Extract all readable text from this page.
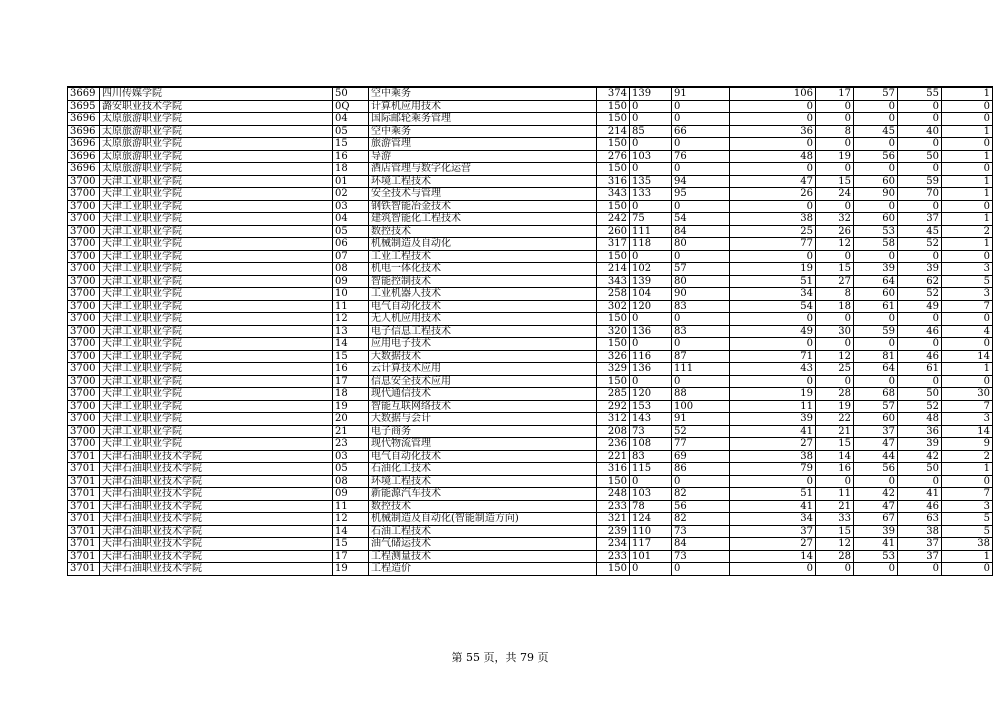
3669	四川传媒学院	50	空中乘务	374	139	91	106	17	57	55	1
3695	潞安职业技术学院	0Q	计算机应用技术	150	0	0	0	0	0	0	0
3696	太原旅游职业学院	04	国际邮轮乘务管理	150	0	0	0	0	0	0	0
3696	太原旅游职业学院	05	空中乘务	214	85	66	36	8	45	40	1
3696	太原旅游职业学院	15	旅游管理	150	0	0	0	0	0	0	0
3696	太原旅游职业学院	16	导游	276	103	76	48	19	56	50	1
3696	太原旅游职业学院	18	酒店管理与数字化运营	150	0	0	0	0	0	0	0
3700	天津工业职业学院	01	环境工程技术	316	135	94	47	15	60	59	1
3700	天津工业职业学院	02	安全技术与管理	343	133	95	26	24	90	70	1
3700	天津工业职业学院	03	钢铁智能冶金技术	150	0	0	0	0	0	0	0
3700	天津工业职业学院	04	建筑智能化工程技术	242	75	54	38	32	60	37	1
3700	天津工业职业学院	05	数控技术	260	111	84	25	26	53	45	2
3700	天津工业职业学院	06	机械制造及自动化	317	118	80	77	12	58	52	1
3700	天津工业职业学院	07	工业工程技术	150	0	0	0	0	0	0	0
3700	天津工业职业学院	08	机电一体化技术	214	102	57	19	15	39	39	3
3700	天津工业职业学院	09	智能控制技术	343	139	80	51	27	64	62	5
3700	天津工业职业学院	10	工业机器人技术	258	104	90	34	8	60	52	3
3700	天津工业职业学院	11	电气自动化技术	302	120	83	54	18	61	49	7
3700	天津工业职业学院	12	无人机应用技术	150	0	0	0	0	0	0	0
3700	天津工业职业学院	13	电子信息工程技术	320	136	83	49	30	59	46	4
3700	天津工业职业学院	14	应用电子技术	150	0	0	0	0	0	0	0
3700	天津工业职业学院	15	大数据技术	326	116	87	71	12	81	46	14
3700	天津工业职业学院	16	云计算技术应用	329	136	111	43	25	64	61	1
3700	天津工业职业学院	17	信息安全技术应用	150	0	0	0	0	0	0	0
3700	天津工业职业学院	18	现代通信技术	285	120	88	19	28	68	50	30
3700	天津工业职业学院	19	智能互联网络技术	292	153	100	11	19	57	52	7
3700	天津工业职业学院	20	大数据与会计	312	143	91	39	22	60	48	3
3700	天津工业职业学院	21	电子商务	208	73	52	41	21	37	36	14
3700	天津工业职业学院	23	现代物流管理	236	108	77	27	15	47	39	9
3701	天津石油职业技术学院	03	电气自动化技术	221	83	69	38	14	44	42	2
3701	天津石油职业技术学院	05	石油化工技术	316	115	86	79	16	56	50	1
3701	天津石油职业技术学院	08	环境工程技术	150	0	0	0	0	0	0	0
3701	天津石油职业技术学院	09	新能源汽车技术	248	103	82	51	11	42	41	7
3701	天津石油职业技术学院	11	数控技术	233	78	56	41	21	47	46	3
3701	天津石油职业技术学院	12	机械制造及自动化(智能制造方向)	321	124	82	34	33	67	63	5
3701	天津石油职业技术学院	14	石油工程技术	239	110	73	37	15	39	38	5
3701	天津石油职业技术学院	15	油气储运技术	234	117	84	27	12	41	37	38
3701	天津石油职业技术学院	17	工程测量技术	233	101	73	14	28	53	37	1
3701	天津石油职业技术学院	19	工程造价	150	0	0	0	0	0	0	0
第 55 页，共 79 页
